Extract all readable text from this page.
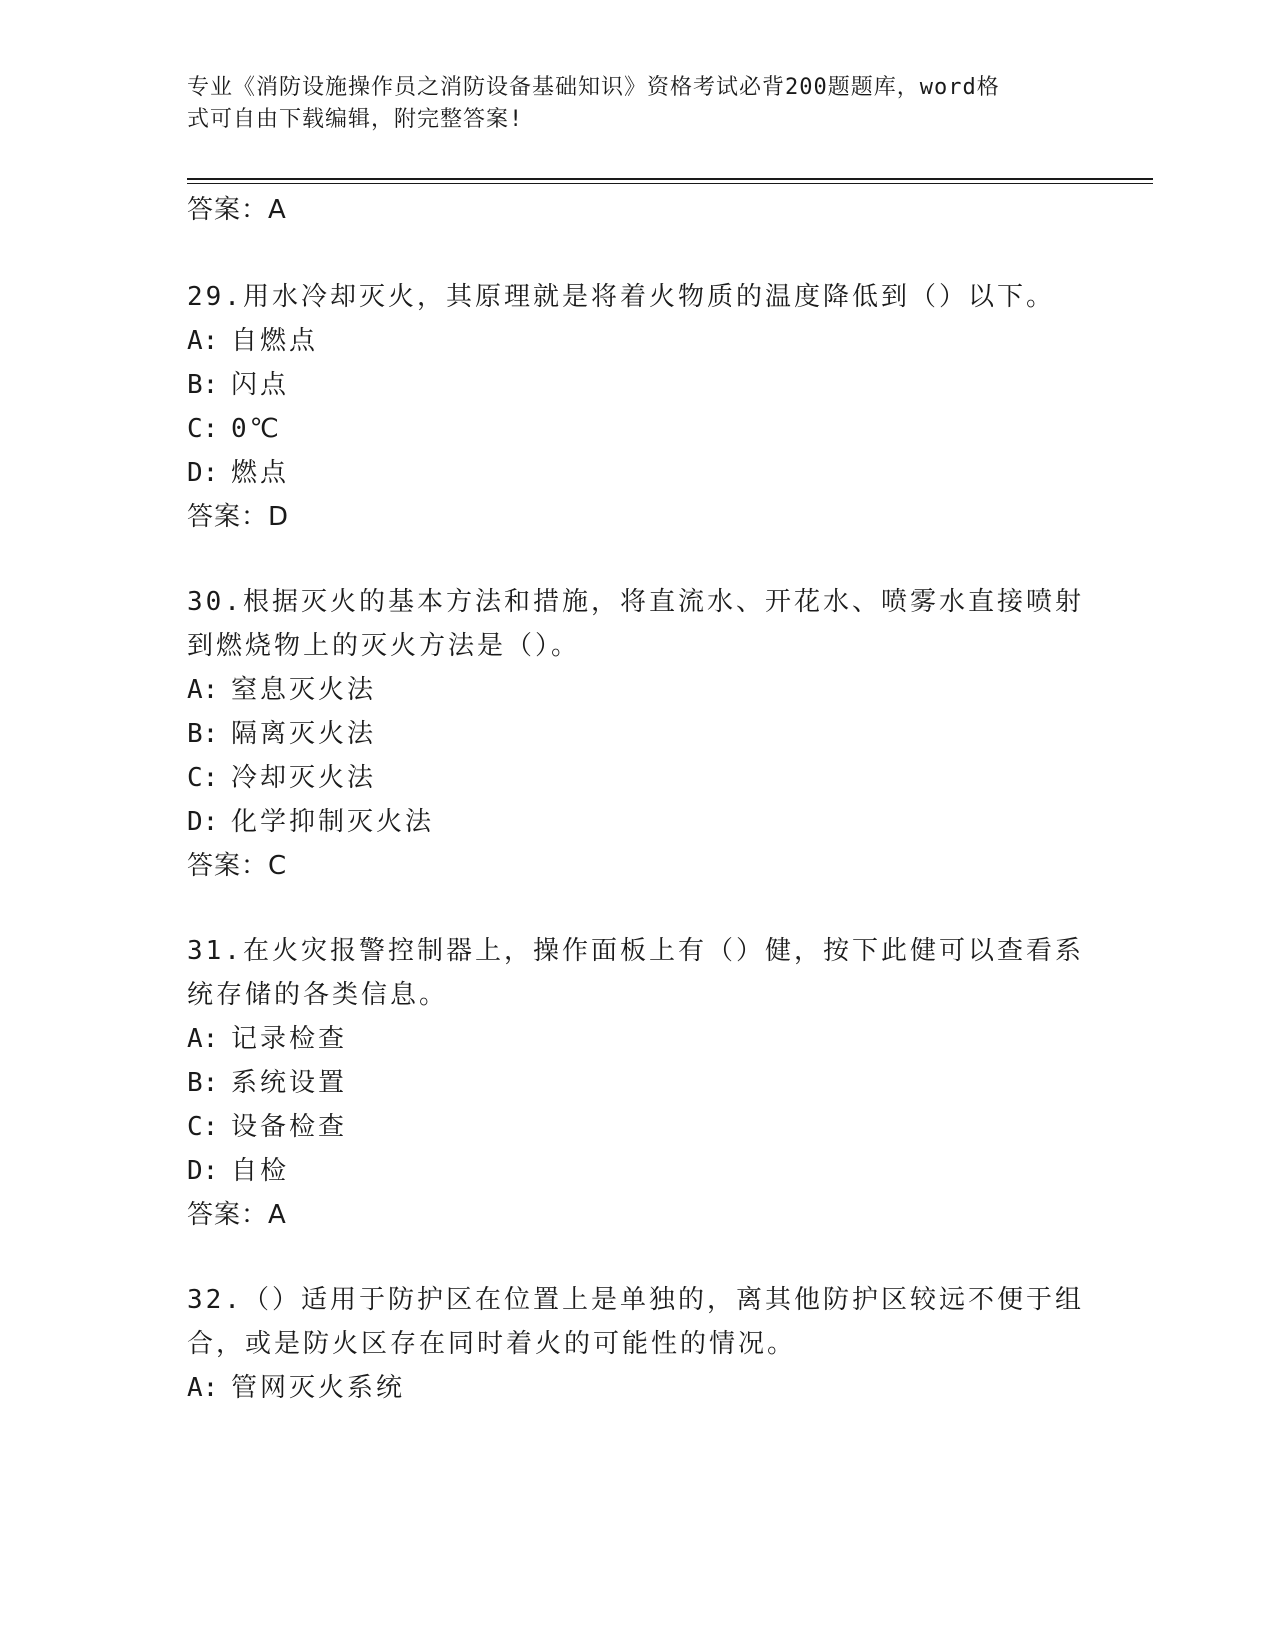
专业《消防设施操作员之消防设备基础知识》资格考试必背200题题库，word格
式可自由下载编辑，附完整答案!
答案：A
29.用水冷却灭火，其原理就是将着火物质的温度降低到（）以下。
A: 自燃点
B: 闪点
C: 0℃
D: 燃点
答案：D
30.根据灭火的基本方法和措施，将直流水、开花水、喷雾水直接喷射
到燃烧物上的灭火方法是（）。
A: 窒息灭火法
B: 隔离灭火法
C: 冷却灭火法
D: 化学抑制灭火法
答案：C
31.在火灾报警控制器上，操作面板上有（）健，按下此健可以查看系
统存储的各类信息。
A: 记录检查
B: 系统设置
C: 设备检查
D: 自检
答案：A
32.（）适用于防护区在位置上是单独的，离其他防护区较远不便于组
合，或是防火区存在同时着火的可能性的情况。
A: 管网灭火系统
